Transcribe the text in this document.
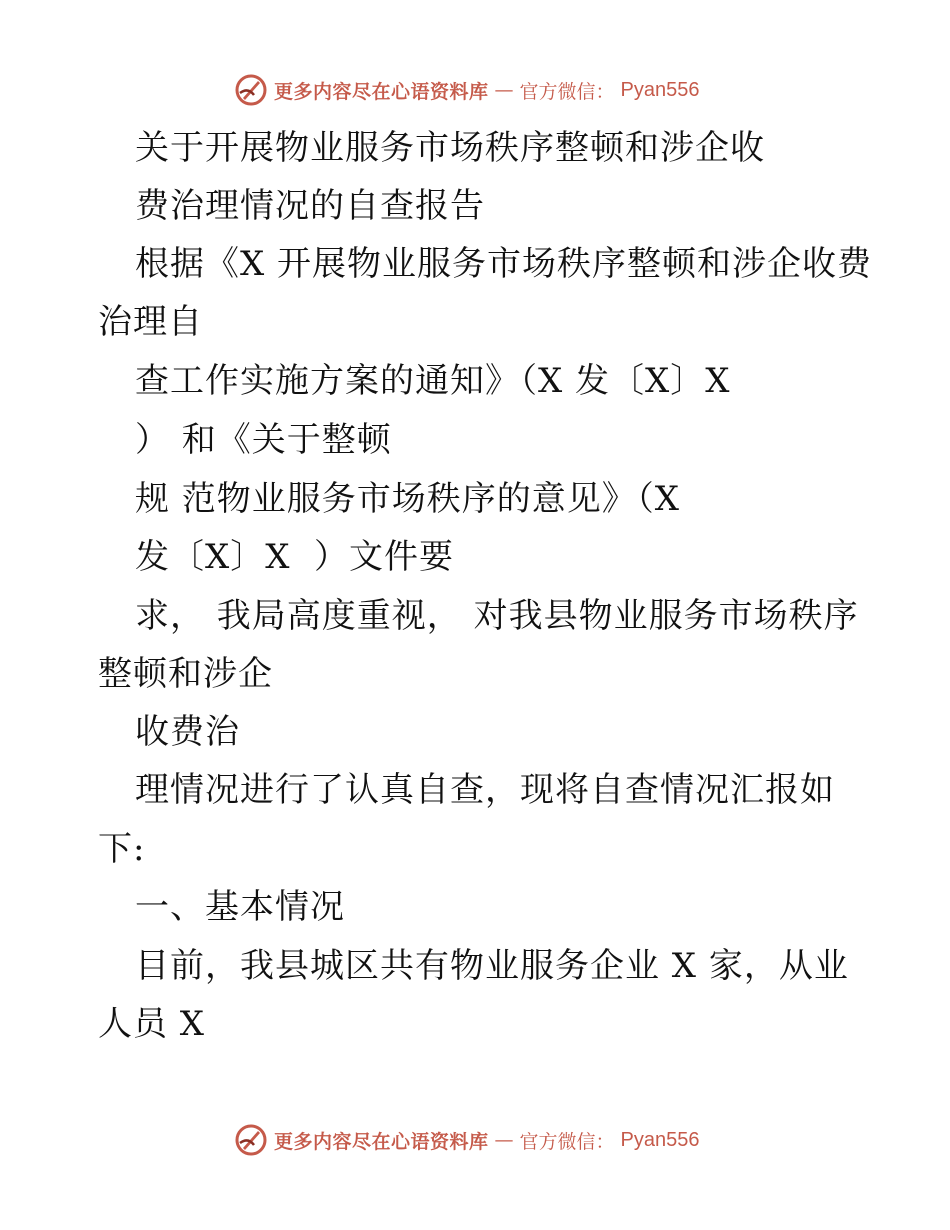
更多内容尽在心语资料库 — 官方微信： Pyan556

关于开展物业服务市场秩序整顿和涉企收

费治理情况的自查报告

根据《X 开展物业服务市场秩序整顿和涉企收费

治理自

查工作实施方案的通知》（X 发〔X〕X

） 和《关于整顿

规 范物业服务市场秩序的意见》（X

发〔X〕X  ）文件要

求， 我局高度重视， 对我县物业服务市场秩序

整顿和涉企

收费治

理情况进行了认真自查，现将自查情况汇报如

下:

一、基本情况

目前，我县城区共有物业服务企业 X 家，从业

人员 X

更多内容尽在心语资料库 — 官方微信： Pyan556
